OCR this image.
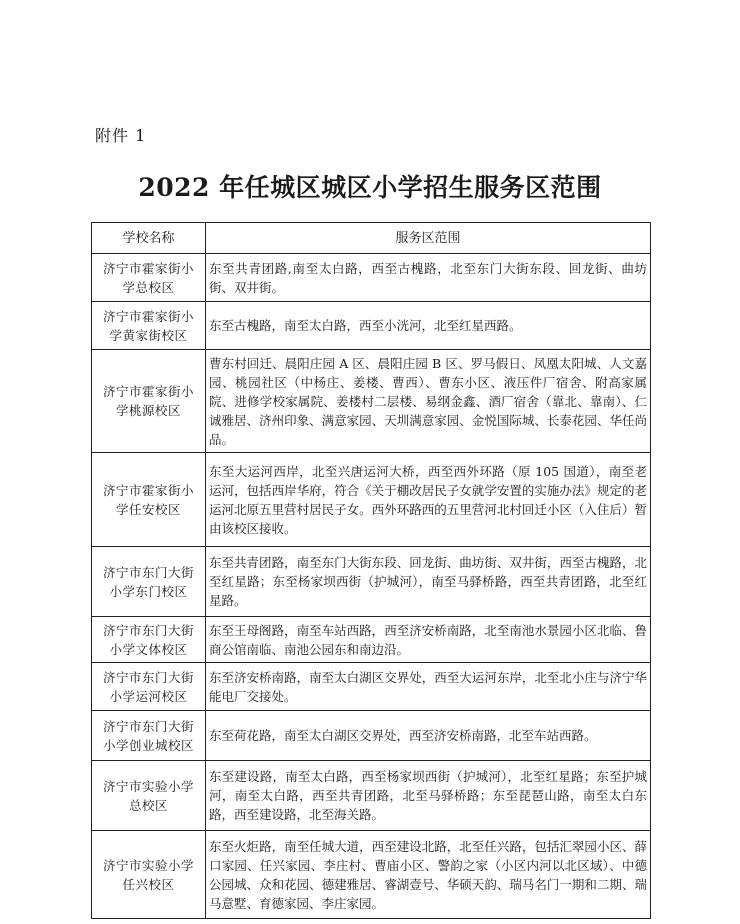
附件 1
2022 年任城区城区小学招生服务区范围
学校名称	服务区范围
济宁市霍家街小学总校区	东至共青团路,南至太白路，西至古槐路，北至东门大街东段、回龙街、曲坊街、双井街。
济宁市霍家街小学黄家街校区	东至古槐路，南至太白路，西至小洸河，北至红星西路。
济宁市霍家街小学桃源校区	曹东村回迁、晨阳庄园 A 区、晨阳庄园 B 区、罗马假日、凤凰太阳城、人文嘉园、桃园社区（中杨庄、姜楼、曹西）、曹东小区、液压件厂宿舍、附高家属院、进修学校家属院、姜楼村二层楼、易纲金鑫、酒厂宿舍（靠北、靠南）、仁诚雅居、济州印象、满意家园、天圳满意家园、金悦国际城、长泰花园、华任尚品。
济宁市霍家街小学任安校区	东至大运河西岸，北至兴唐运河大桥，西至西外环路（原 105 国道），南至老运河，包括西岸华府，符合《关于棚改居民子女就学安置的实施办法》规定的老运河北原五里营村居民子女。西外环路西的五里营河北村回迁小区（入住后）暂由该校区接收。
济宁市东门大街小学东门校区	东至共青团路，南至东门大街东段、回龙街、曲坊街、双井街，西至古槐路，北至红星路；东至杨家坝西街（护城河），南至马驿桥路，西至共青团路，北至红星路。
济宁市东门大街小学文体校区	东至王母阁路，南至车站西路，西至济安桥南路，北至南池水景园小区北临、鲁商公馆南临、南池公园东和南边沿。
济宁市东门大街小学运河校区	东至济安桥南路，南至太白湖区交界处，西至大运河东岸，北至北小庄与济宁华能电厂交接处。
济宁市东门大街小学创业城校区	东至荷花路，南至太白湖区交界处，西至济安桥南路，北至车站西路。
济宁市实验小学总校区	东至建设路，南至太白路，西至杨家坝西街（护城河），北至红星路；东至护城河，南至太白路，西至共青团路，北至马驿桥路；东至琵琶山路，南至太白东路，西至建设路，北至海关路。
济宁市实验小学任兴校区	东至火炬路，南至任城大道，西至建设北路，北至任兴路，包括汇翠园小区、薛口家园、任兴家园、李庄村、曹庙小区、警韵之家（小区内河以北区域）、中德公园城、众和花园、德建雅居、睿湖壹号、华硕天韵、瑞马名门一期和二期、瑞马意墅、育德家园、李庄家园。
